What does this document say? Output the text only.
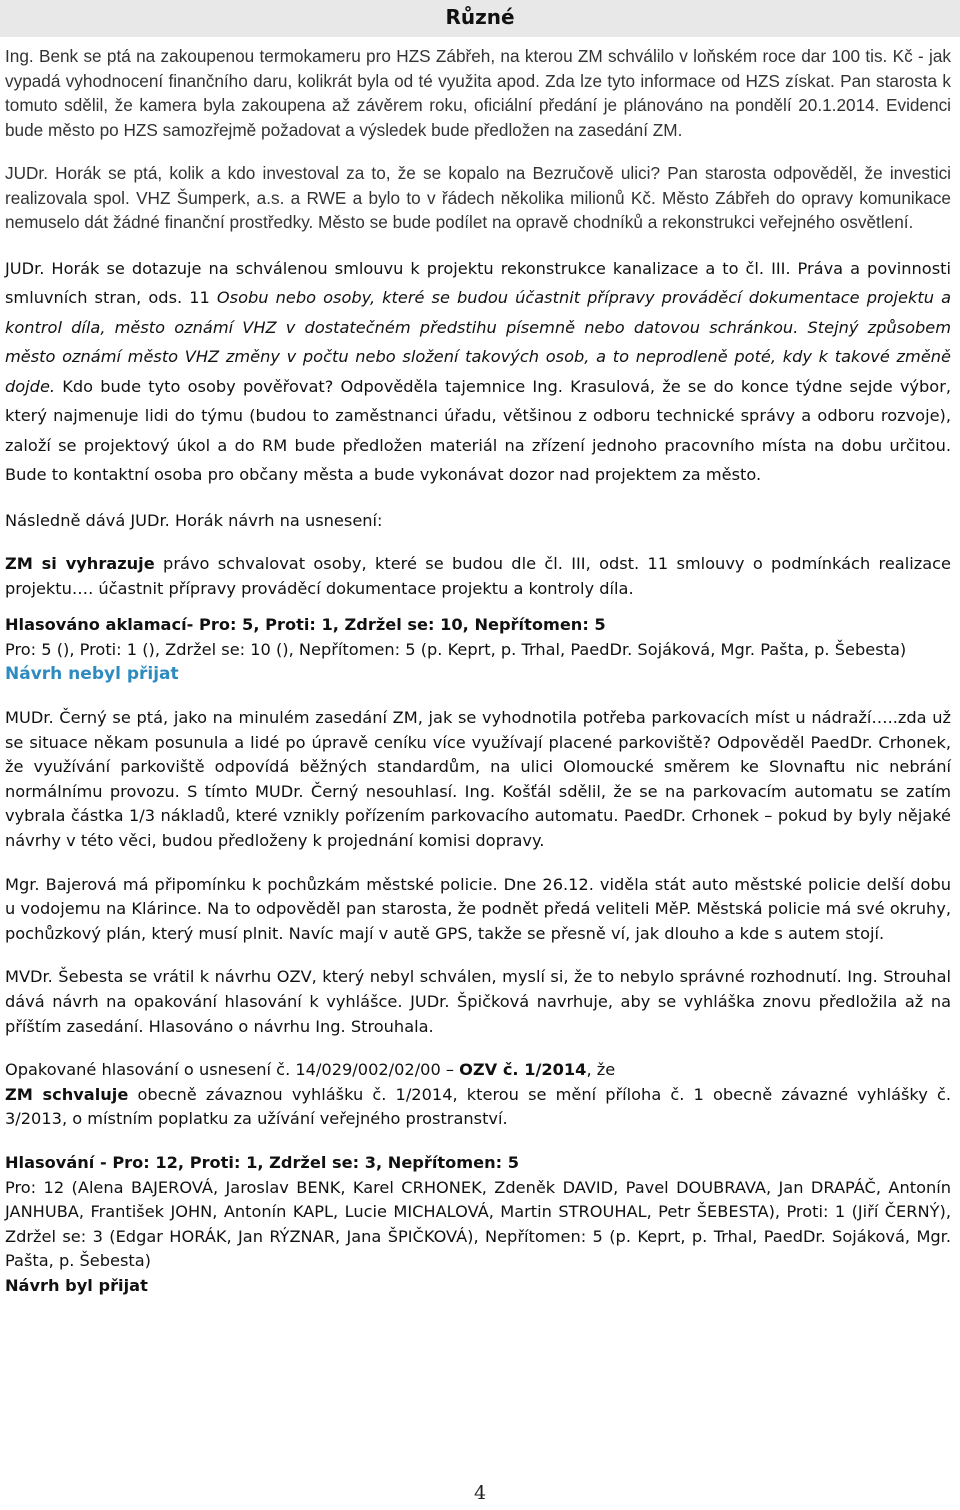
Různé

Ing. Benk se ptá na zakoupenou termokameru pro HZS Zábřeh, na kterou ZM schválilo v loňském roce dar 100 tis. Kč - jak vypadá vyhodnocení finančního daru, kolikrát byla od té využita apod. Zda lze tyto informace od HZS získat. Pan starosta k tomuto sdělil, že kamera byla zakoupena až závěrem roku, oficiální předání je plánováno na pondělí 20.1.2014. Evidenci bude město po HZS samozřejmě požadovat a výsledek bude předložen na zasedání ZM.

JUDr. Horák se ptá, kolik a kdo investoval za to, že se kopalo na Bezručově ulici? Pan starosta odpověděl, že investici realizovala spol. VHZ Šumperk, a.s. a RWE a bylo to v řádech několika milionů Kč. Město Zábřeh do opravy komunikace nemuselo dát žádné finanční prostředky. Město se bude podílet na opravě chodníků a rekonstrukci veřejného osvětlení.

JUDr. Horák se dotazuje na schválenou smlouvu k projektu rekonstrukce kanalizace a to čl. III. Práva a povinnosti smluvních stran, ods. 11 Osobu nebo osoby, které se budou účastnit přípravy prováděcí dokumentace projektu a kontrol díla, město oznámí VHZ v dostatečném předstihu písemně nebo datovou schránkou. Stejný způsobem město oznámí město VHZ změny v počtu nebo složení takových osob, a to neprodleně poté, kdy k takové změně dojde. Kdo bude tyto osoby pověřovat? Odpověděla tajemnice Ing. Krasulová, že se do konce týdne sejde výbor, který najmenuje lidi do týmu (budou to zaměstnanci úřadu, většinou z odboru technické správy a odboru rozvoje), založí se projektový úkol a do RM bude předložen materiál na zřízení jednoho pracovního místa na dobu určitou. Bude to kontaktní osoba pro občany města a bude vykonávat dozor nad projektem za město.

Následně dává JUDr. Horák návrh na usnesení:

ZM si vyhrazuje právo schvalovat osoby, které se budou dle čl. III, odst. 11 smlouvy o podmínkách realizace projektu…. účastnit přípravy prováděcí dokumentace projektu a kontroly díla.

Hlasováno aklamací- Pro: 5, Proti: 1, Zdržel se: 10, Nepřítomen: 5
Pro: 5 (), Proti: 1 (), Zdržel se: 10 (), Nepřítomen: 5 (p. Keprt, p. Trhal, PaedDr. Sojáková, Mgr. Pašta, p. Šebesta)
Návrh nebyl přijat

MUDr. Černý se ptá, jako na minulém zasedání ZM, jak se vyhodnotila potřeba parkovacích míst u nádraží…..zda už se situace někam posunula a lidé po úpravě ceníku více využívají placené parkoviště? Odpověděl PaedDr. Crhonek, že využívání parkoviště odpovídá běžných standardům, na ulici Olomoucké směrem ke Slovnaftu nic nebrání normálnímu provozu. S tímto MUDr. Černý nesouhlasí. Ing. Košťál sdělil, že se na parkovacím automatu se zatím vybrala částka 1/3 nákladů, které vznikly pořízením parkovacího automatu. PaedDr. Crhonek – pokud by byly nějaké návrhy v této věci, budou předloženy k projednání komisi dopravy.

Mgr. Bajerová má připomínku k pochůzkám městské policie. Dne 26.12. viděla stát auto městské policie delší dobu u vodojemu na Klárince. Na to odpověděl pan starosta, že podnět předá veliteli MěP. Městská policie má své okruhy, pochůzkový plán, který musí plnit. Navíc mají v autě GPS, takže se přesně ví, jak dlouho a kde s autem stojí.

MVDr. Šebesta se vrátil k návrhu OZV, který nebyl schválen, myslí si, že to nebylo správné rozhodnutí. Ing. Strouhal dává návrh na opakování hlasování k vyhlášce. JUDr. Špičková navrhuje, aby se vyhláška znovu předložila až na příštím zasedání. Hlasováno o návrhu Ing. Strouhala.

Opakované hlasování o usnesení č. 14/029/002/02/00 – OZV č. 1/2014, že
ZM schvaluje obecně závaznou vyhlášku č. 1/2014, kterou se mění příloha č. 1 obecně závazné vyhlášky č. 3/2013, o místním poplatku za užívání veřejného prostranství.

Hlasování - Pro: 12, Proti: 1, Zdržel se: 3, Nepřítomen: 5
Pro: 12 (Alena BAJEROVÁ, Jaroslav BENK, Karel CRHONEK, Zdeněk DAVID, Pavel DOUBRAVA, Jan DRAPÁČ, Antonín JANHUBA, František JOHN, Antonín KAPL, Lucie MICHALOVÁ, Martin STROUHAL, Petr ŠEBESTA), Proti: 1 (Jiří ČERNÝ), Zdržel se: 3 (Edgar HORÁK, Jan RÝZNAR, Jana ŠPIČKOVÁ), Nepřítomen: 5 (p. Keprt, p. Trhal, PaedDr. Sojáková, Mgr. Pašta, p. Šebesta)
Návrh byl přijat

4
